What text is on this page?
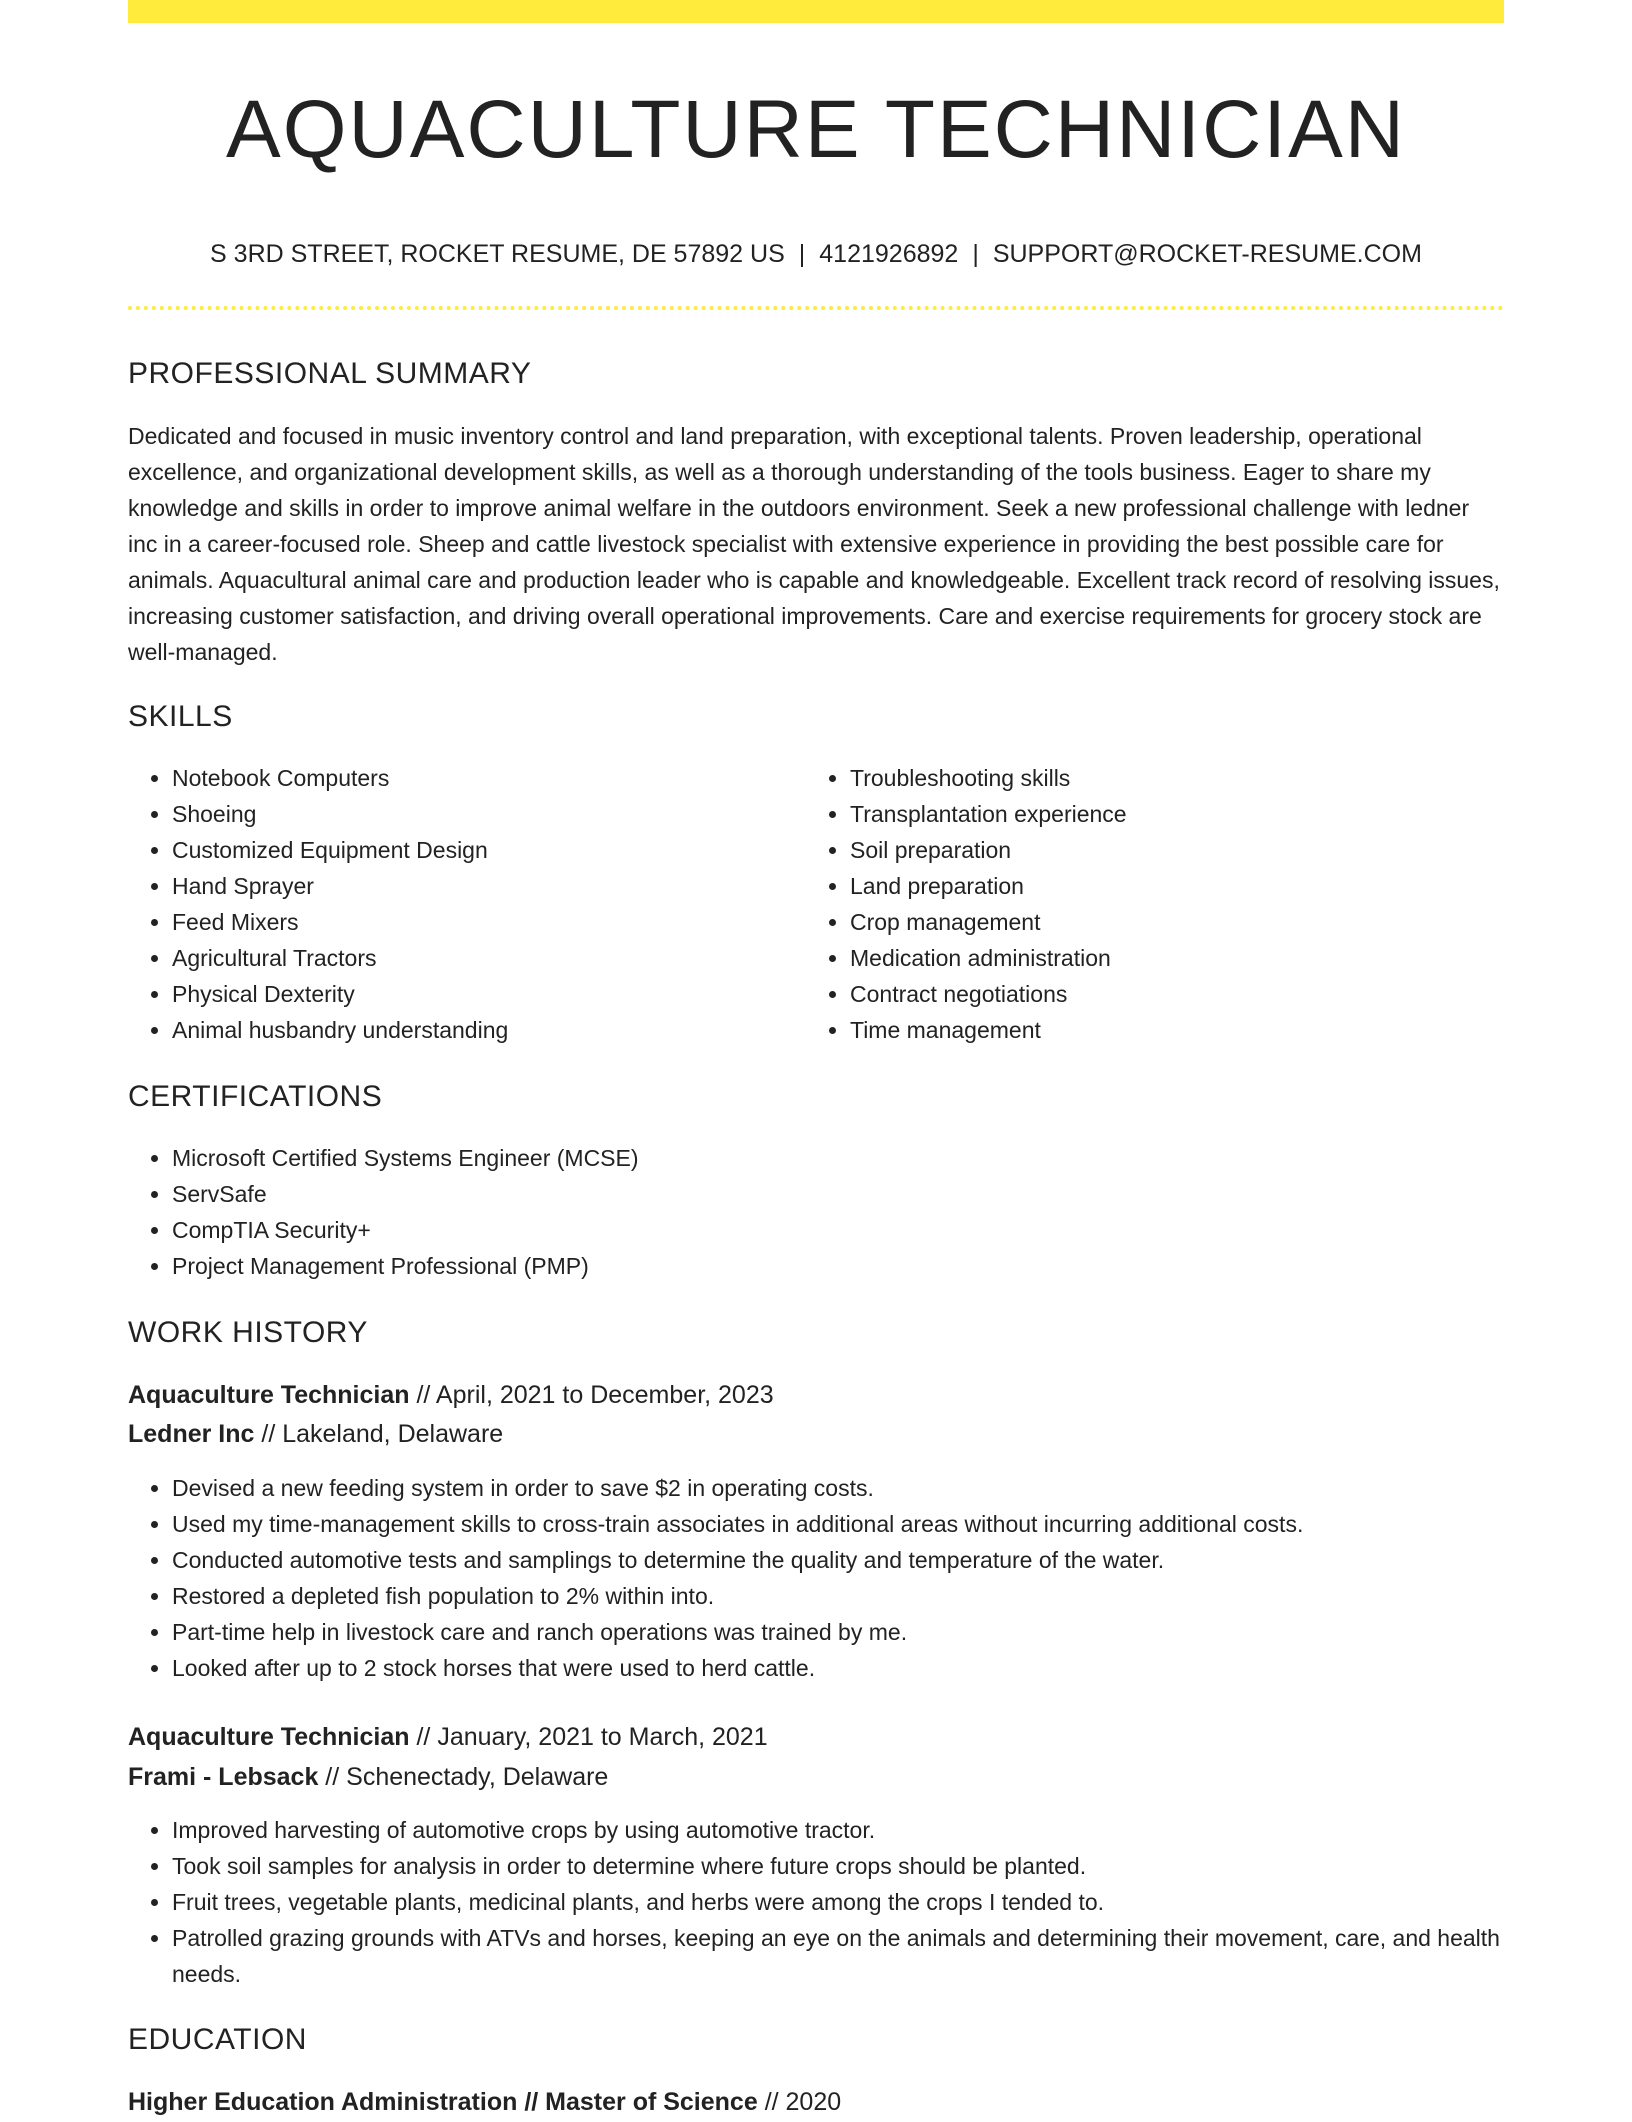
AQUACULTURE TECHNICIAN
S 3RD STREET, ROCKET RESUME, DE 57892 US | 4121926892 | SUPPORT@ROCKET-RESUME.COM
PROFESSIONAL SUMMARY

Dedicated and focused in music inventory control and land preparation, with exceptional talents. Proven leadership, operational excellence, and organizational development skills, as well as a thorough understanding of the tools business. Eager to share my knowledge and skills in order to improve animal welfare in the outdoors environment. Seek a new professional challenge with ledner inc in a career-focused role. Sheep and cattle livestock specialist with extensive experience in providing the best possible care for animals. Aquacultural animal care and production leader who is capable and knowledgeable. Excellent track record of resolving issues, increasing customer satisfaction, and driving overall operational improvements. Care and exercise requirements for grocery stock are well-managed.

SKILLS
• Notebook Computers
• Shoeing
• Customized Equipment Design
• Hand Sprayer
• Feed Mixers
• Agricultural Tractors
• Physical Dexterity
• Animal husbandry understanding
• Troubleshooting skills
• Transplantation experience
• Soil preparation
• Land preparation
• Crop management
• Medication administration
• Contract negotiations
• Time management
CERTIFICATIONS
• Microsoft Certified Systems Engineer (MCSE)
• ServSafe
• CompTIA Security+
• Project Management Professional (PMP)
WORK HISTORY
Aquaculture Technician // April, 2021 to December, 2023
Ledner Inc // Lakeland, Delaware
• Devised a new feeding system in order to save $2 in operating costs.
• Used my time-management skills to cross-train associates in additional areas without incurring additional costs.
• Conducted automotive tests and samplings to determine the quality and temperature of the water.
• Restored a depleted fish population to 2% within into.
• Part-time help in livestock care and ranch operations was trained by me.
• Looked after up to 2 stock horses that were used to herd cattle.
Aquaculture Technician // January, 2021 to March, 2021
Frami - Lebsack // Schenectady, Delaware
• Improved harvesting of automotive crops by using automotive tractor.
• Took soil samples for analysis in order to determine where future crops should be planted.
• Fruit trees, vegetable plants, medicinal plants, and herbs were among the crops I tended to.
• Patrolled grazing grounds with ATVs and horses, keeping an eye on the animals and determining their movement, care, and health needs.
EDUCATION
Higher Education Administration // Master of Science // 2020
